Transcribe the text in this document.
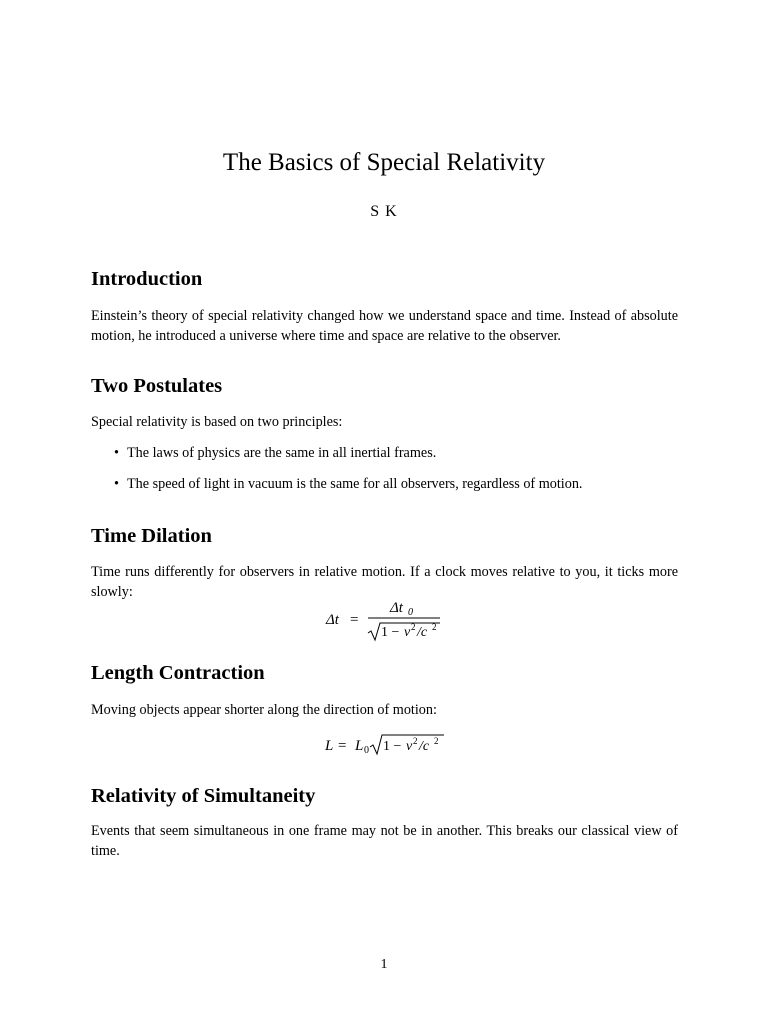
The Basics of Special Relativity
S K
Introduction

Einstein’s theory of special relativity changed how we understand space and time. Instead of absolute motion, he introduced a universe where time and space are relative to the observer.

Two Postulates

Special relativity is based on two principles:

• The laws of physics are the same in all inertial frames.
• The speed of light in vacuum is the same for all observers, regardless of motion.
Time Dilation

Time runs differently for observers in relative motion. If a clock moves relative to you, it ticks more slowly:

Δt =
Δt 0
1 − v 2 /c 2
Length Contraction

Moving objects appear shorter along the direction of motion:

L = L 0 1 − v 2 /c 2
Relativity of Simultaneity

Events that seem simultaneous in one frame may not be in another. This breaks our classical view of time.

1
